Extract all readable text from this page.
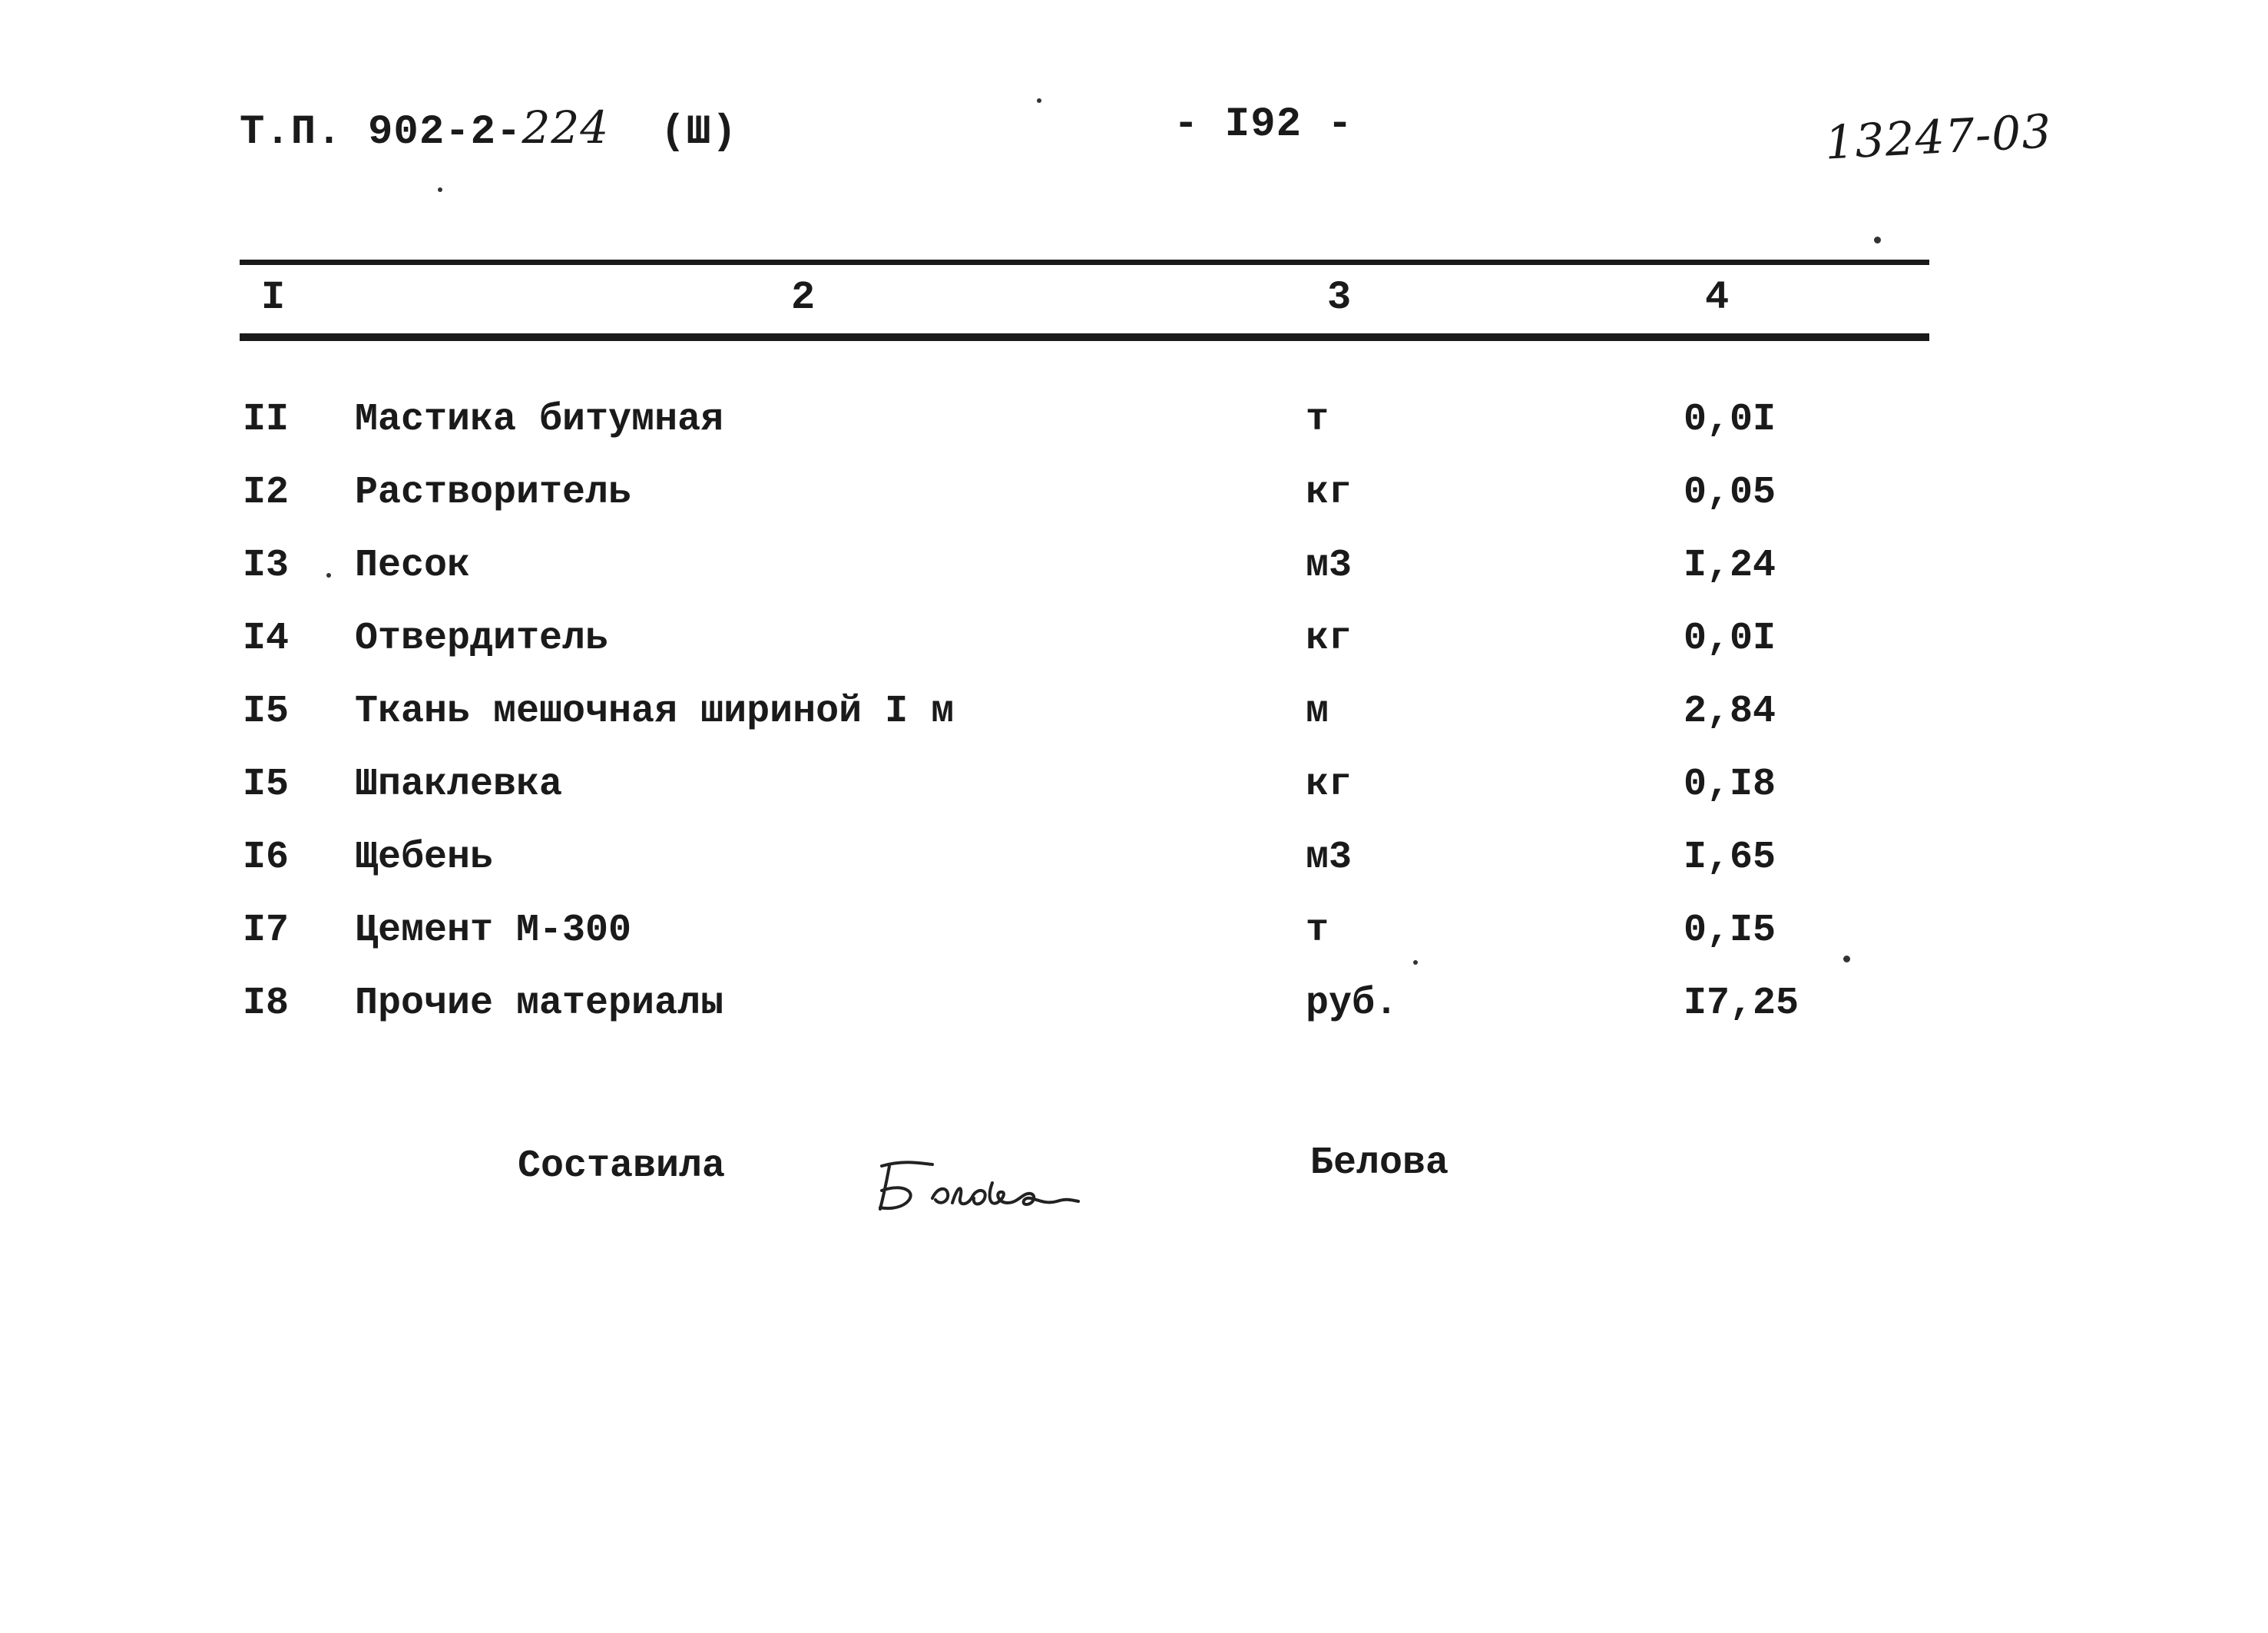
Т.П. 902-2-224 (Ш)	- I92 -	13247-03
I	2	3	4
II Мастика битумная	т	0,0I
I2 Растворитель	кг	0,05
I3 Песок	м3	I,24
I4 Отвердитель	кг	0,0I
I5 Ткань мешочная шириной I м	м	2,84
I5 Шпаклевка	кг	0,I8
I6 Щебень	м3	I,65
I7 Цемент М-300	т	0,I5
I8 Прочие материалы	руб.	I7,25
Составила	Белова
